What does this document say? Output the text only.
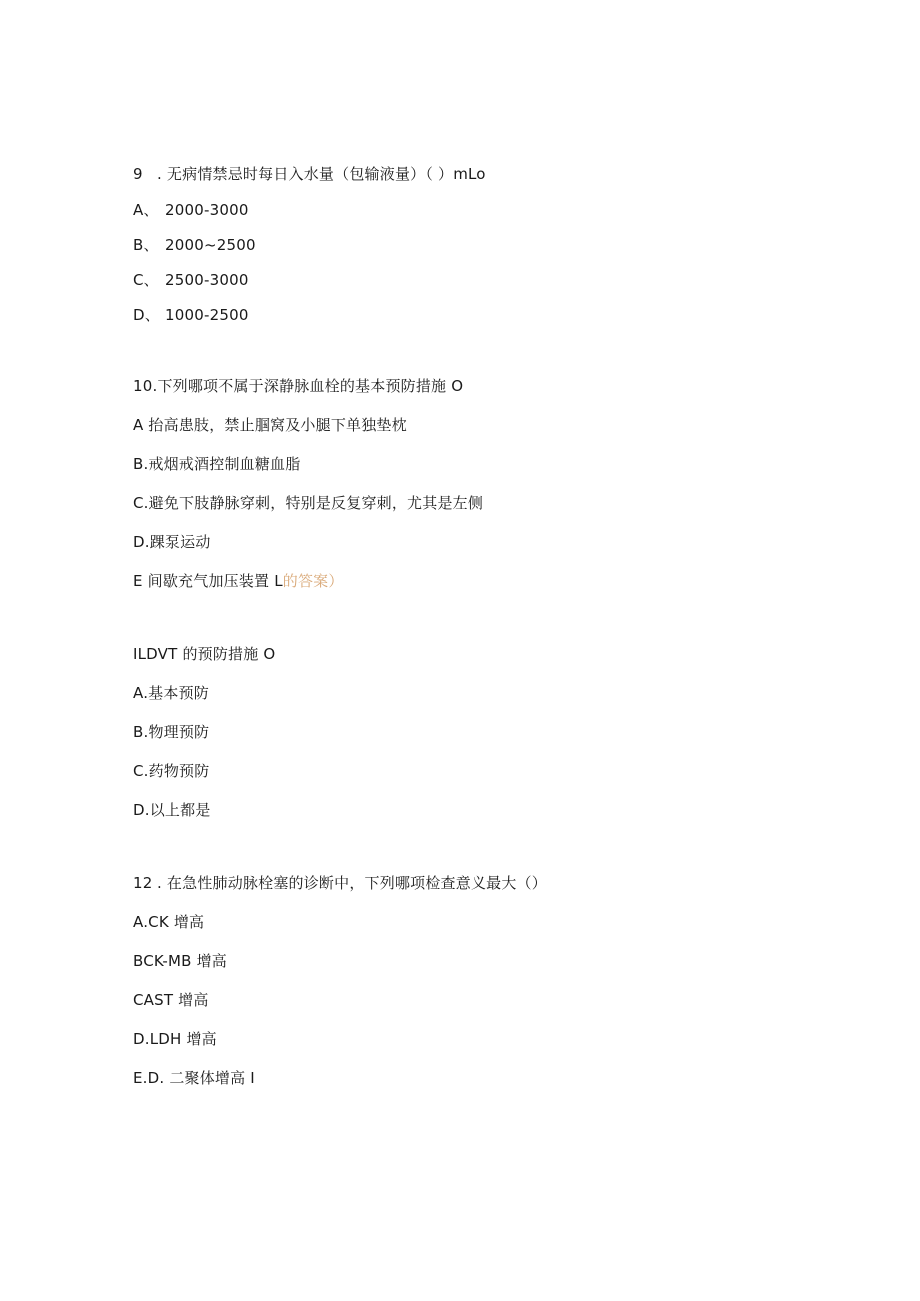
9 . 无病情禁忌时每日入水量（包输液量）（ ）mLo
A、 2000-3000
B、 2000~2500
C、 2500-3000
D、 1000-2500
10.下列哪项不属于深静脉血栓的基本预防措施 O
A 抬高患肢，禁止腘窝及小腿下单独垫枕
B.戒烟戒酒控制血糖血脂
C.避免下肢静脉穿刺，特别是反复穿刺，尤其是左侧
D.踝泵运动
E 间歇充气加压装置 L的答案）
ILDVT 的预防措施 O
A.基本预防
B.物理预防
C.药物预防
D.以上都是
12 . 在急性肺动脉栓塞的诊断中，下列哪项检查意义最大（）
A.CK 增高
BCK-MB 增高
CAST 增高
D.LDH 增高
E.D. 二聚体增高 I
